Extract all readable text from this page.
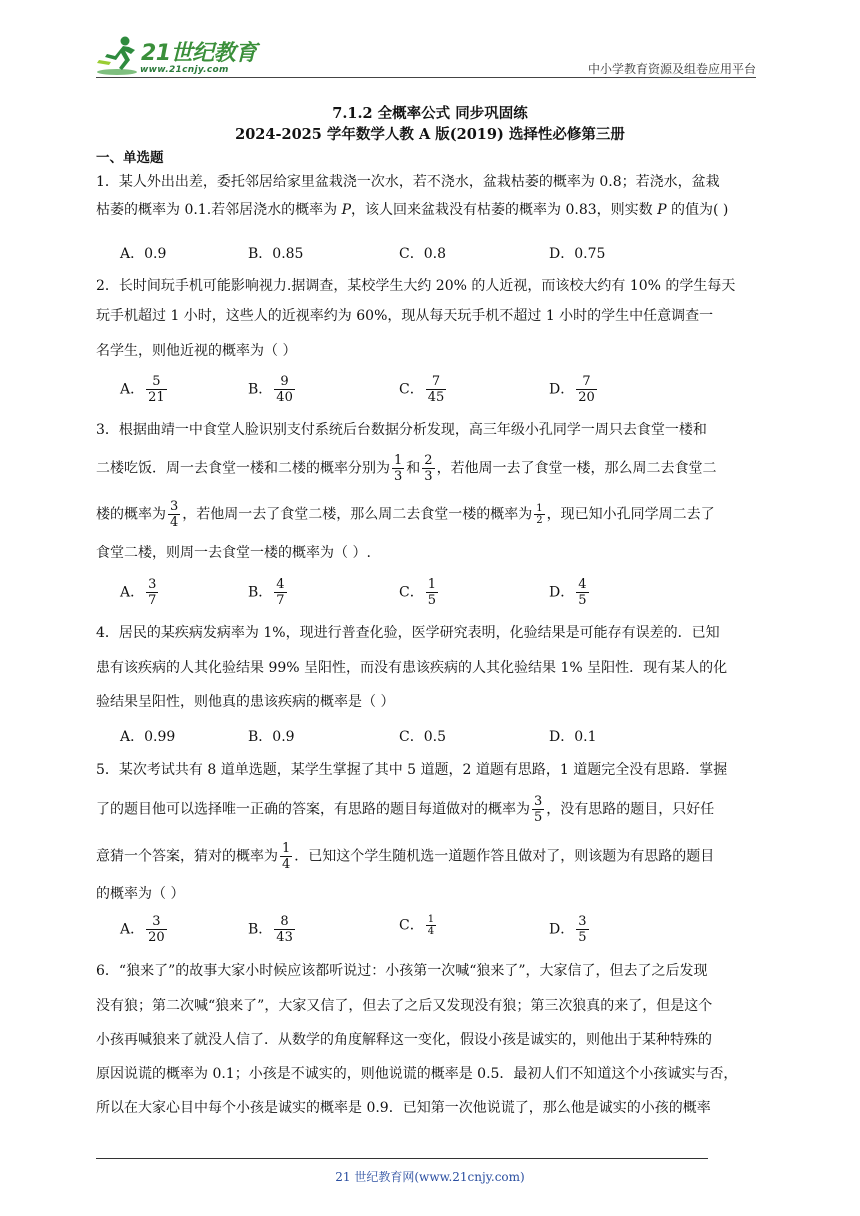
21世纪教育
www.21cnjy.com	中小学教育资源及组卷应用平台
7.1.2 全概率公式 同步巩固练
2024-2025 学年数学人教 A 版(2019) 选择性必修第三册
一、单选题
1．某人外出出差，委托邻居给家里盆栽浇一次水，若不浇水，盆栽枯萎的概率为 0.8；若浇水，盆栽
枯萎的概率为 0.1.若邻居浇水的概率为 P，该人回来盆栽没有枯萎的概率为 0.83，则实数 P 的值为( )
A．0.9	B．0.85	C．0.8	D．0.75
2．长时间玩手机可能影响视力.据调查，某校学生大约 20% 的人近视，而该校大约有 10% 的学生每天
玩手机超过 1 小时，这些人的近视率约为 60%，现从每天玩手机不超过 1 小时的学生中任意调查一
名学生，则他近视的概率为（ ）
A． $\frac{5}{21}$	B． $\frac{9}{40}$	C． $\frac{7}{45}$	D． $\frac{7}{20}$
3．根据曲靖一中食堂人脸识别支付系统后台数据分析发现，高三年级小孔同学一周只去食堂一楼和
二楼吃饭．周一去食堂一楼和二楼的概率分别为 $\frac{1}{3}$ 和 $\frac{2}{3}$ ，若他周一去了食堂一楼，那么周二去食堂二
楼的概率为 $\frac{3}{4}$ ，若他周一去了食堂二楼，那么周二去食堂一楼的概率为 $\frac{1}{2}$ ，现已知小孔同学周二去了
食堂二楼，则周一去食堂一楼的概率为（ ）.
A． $\frac{3}{7}$	B． $\frac{4}{7}$	C． $\frac{1}{5}$	D． $\frac{4}{5}$
4．居民的某疾病发病率为 1%，现进行普查化验，医学研究表明，化验结果是可能存有误差的．已知
患有该疾病的人其化验结果 99% 呈阳性，而没有患该疾病的人其化验结果 1% 呈阳性．现有某人的化
验结果呈阳性，则他真的患该疾病的概率是（ ）
A．0.99	B．0.9	C．0.5	D．0.1
5．某次考试共有 8 道单选题，某学生掌握了其中 5 道题，2 道题有思路，1 道题完全没有思路．掌握
了的题目他可以选择唯一正确的答案，有思路的题目每道做对的概率为 $\frac{3}{5}$ ，没有思路的题目，只好任
意猜一个答案，猜对的概率为 $\frac{1}{4}$ ．已知这个学生随机选一道题作答且做对了，则该题为有思路的题目
的概率为（ ）
A． $\frac{3}{20}$	B． $\frac{8}{43}$	C． $\frac{1}{4}$	D． $\frac{3}{5}$
6．“狼来了”的故事大家小时候应该都听说过：小孩第一次喊“狼来了”，大家信了，但去了之后发现
没有狼；第二次喊“狼来了”，大家又信了，但去了之后又发现没有狼；第三次狼真的来了，但是这个
小孩再喊狼来了就没人信了．从数学的角度解释这一变化，假设小孩是诚实的，则他出于某种特殊的
原因说谎的概率为 0.1；小孩是不诚实的，则他说谎的概率是 0.5．最初人们不知道这个小孩诚实与否，
所以在大家心目中每个小孩是诚实的概率是 0.9．已知第一次他说谎了，那么他是诚实的小孩的概率
21 世纪教育网(www.21cnjy.com)
